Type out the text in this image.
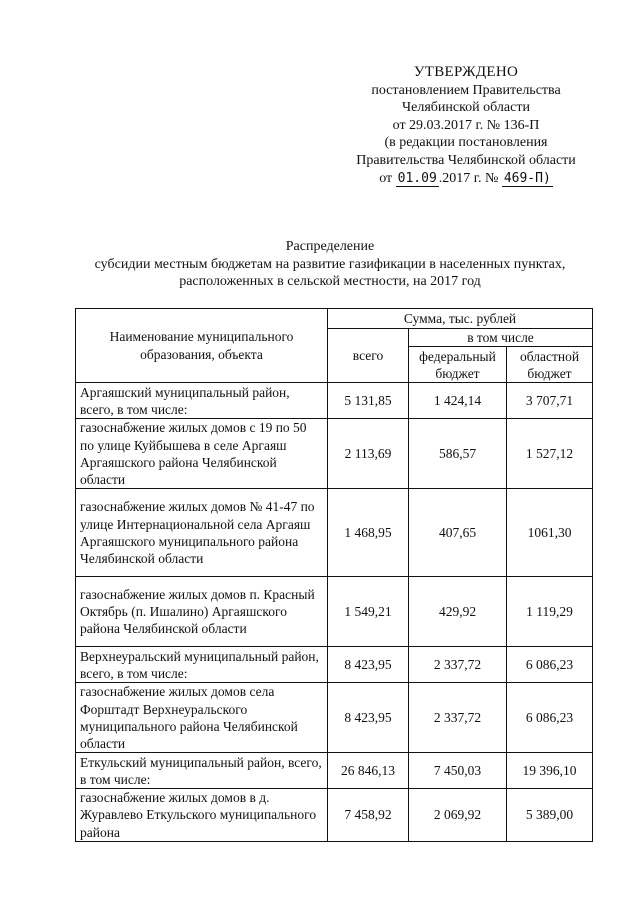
УТВЕРЖДЕНО
постановлением Правительства
Челябинской области
от 29.03.2017 г. № 136-П
(в редакции постановления
Правительства Челябинской области
от 01.09 .2017 г. № 469-П)
Распределение
субсидии местным бюджетам на развитие газификации в населенных пунктах,
расположенных в сельской местности, на 2017 год
Наименование муниципального образования, объекта	Сумма, тыс. рублей		
	всего	в том числе	
		федеральный бюджет	областной бюджет
Аргаяшский муниципальный район, всего, в том числе:	5 131,85	1 424,14	3 707,71
газоснабжение жилых домов с 19 по 50 по улице Куйбышева в селе Аргаяш Аргаяшского района Челябинской области	2 113,69	586,57	1 527,12
газоснабжение жилых домов № 41-47 по улице Интернациональной села Аргаяш Аргаяшского муниципального района Челябинской области	1 468,95	407,65	1061,30
газоснабжение жилых домов п. Красный Октябрь (п. Ишалино) Аргаяшского района Челябинской области	1 549,21	429,92	1 119,29
Верхнеуральский муниципальный район, всего, в том числе:	8 423,95	2 337,72	6 086,23
газоснабжение жилых домов села Форштадт Верхнеуральского муниципального района Челябинской области	8 423,95	2 337,72	6 086,23
Еткульский муниципальный район, всего, в том числе:	26 846,13	7 450,03	19 396,10
газоснабжение жилых домов в д. Журавлево Еткульского муниципального района	7 458,92	2 069,92	5 389,00
